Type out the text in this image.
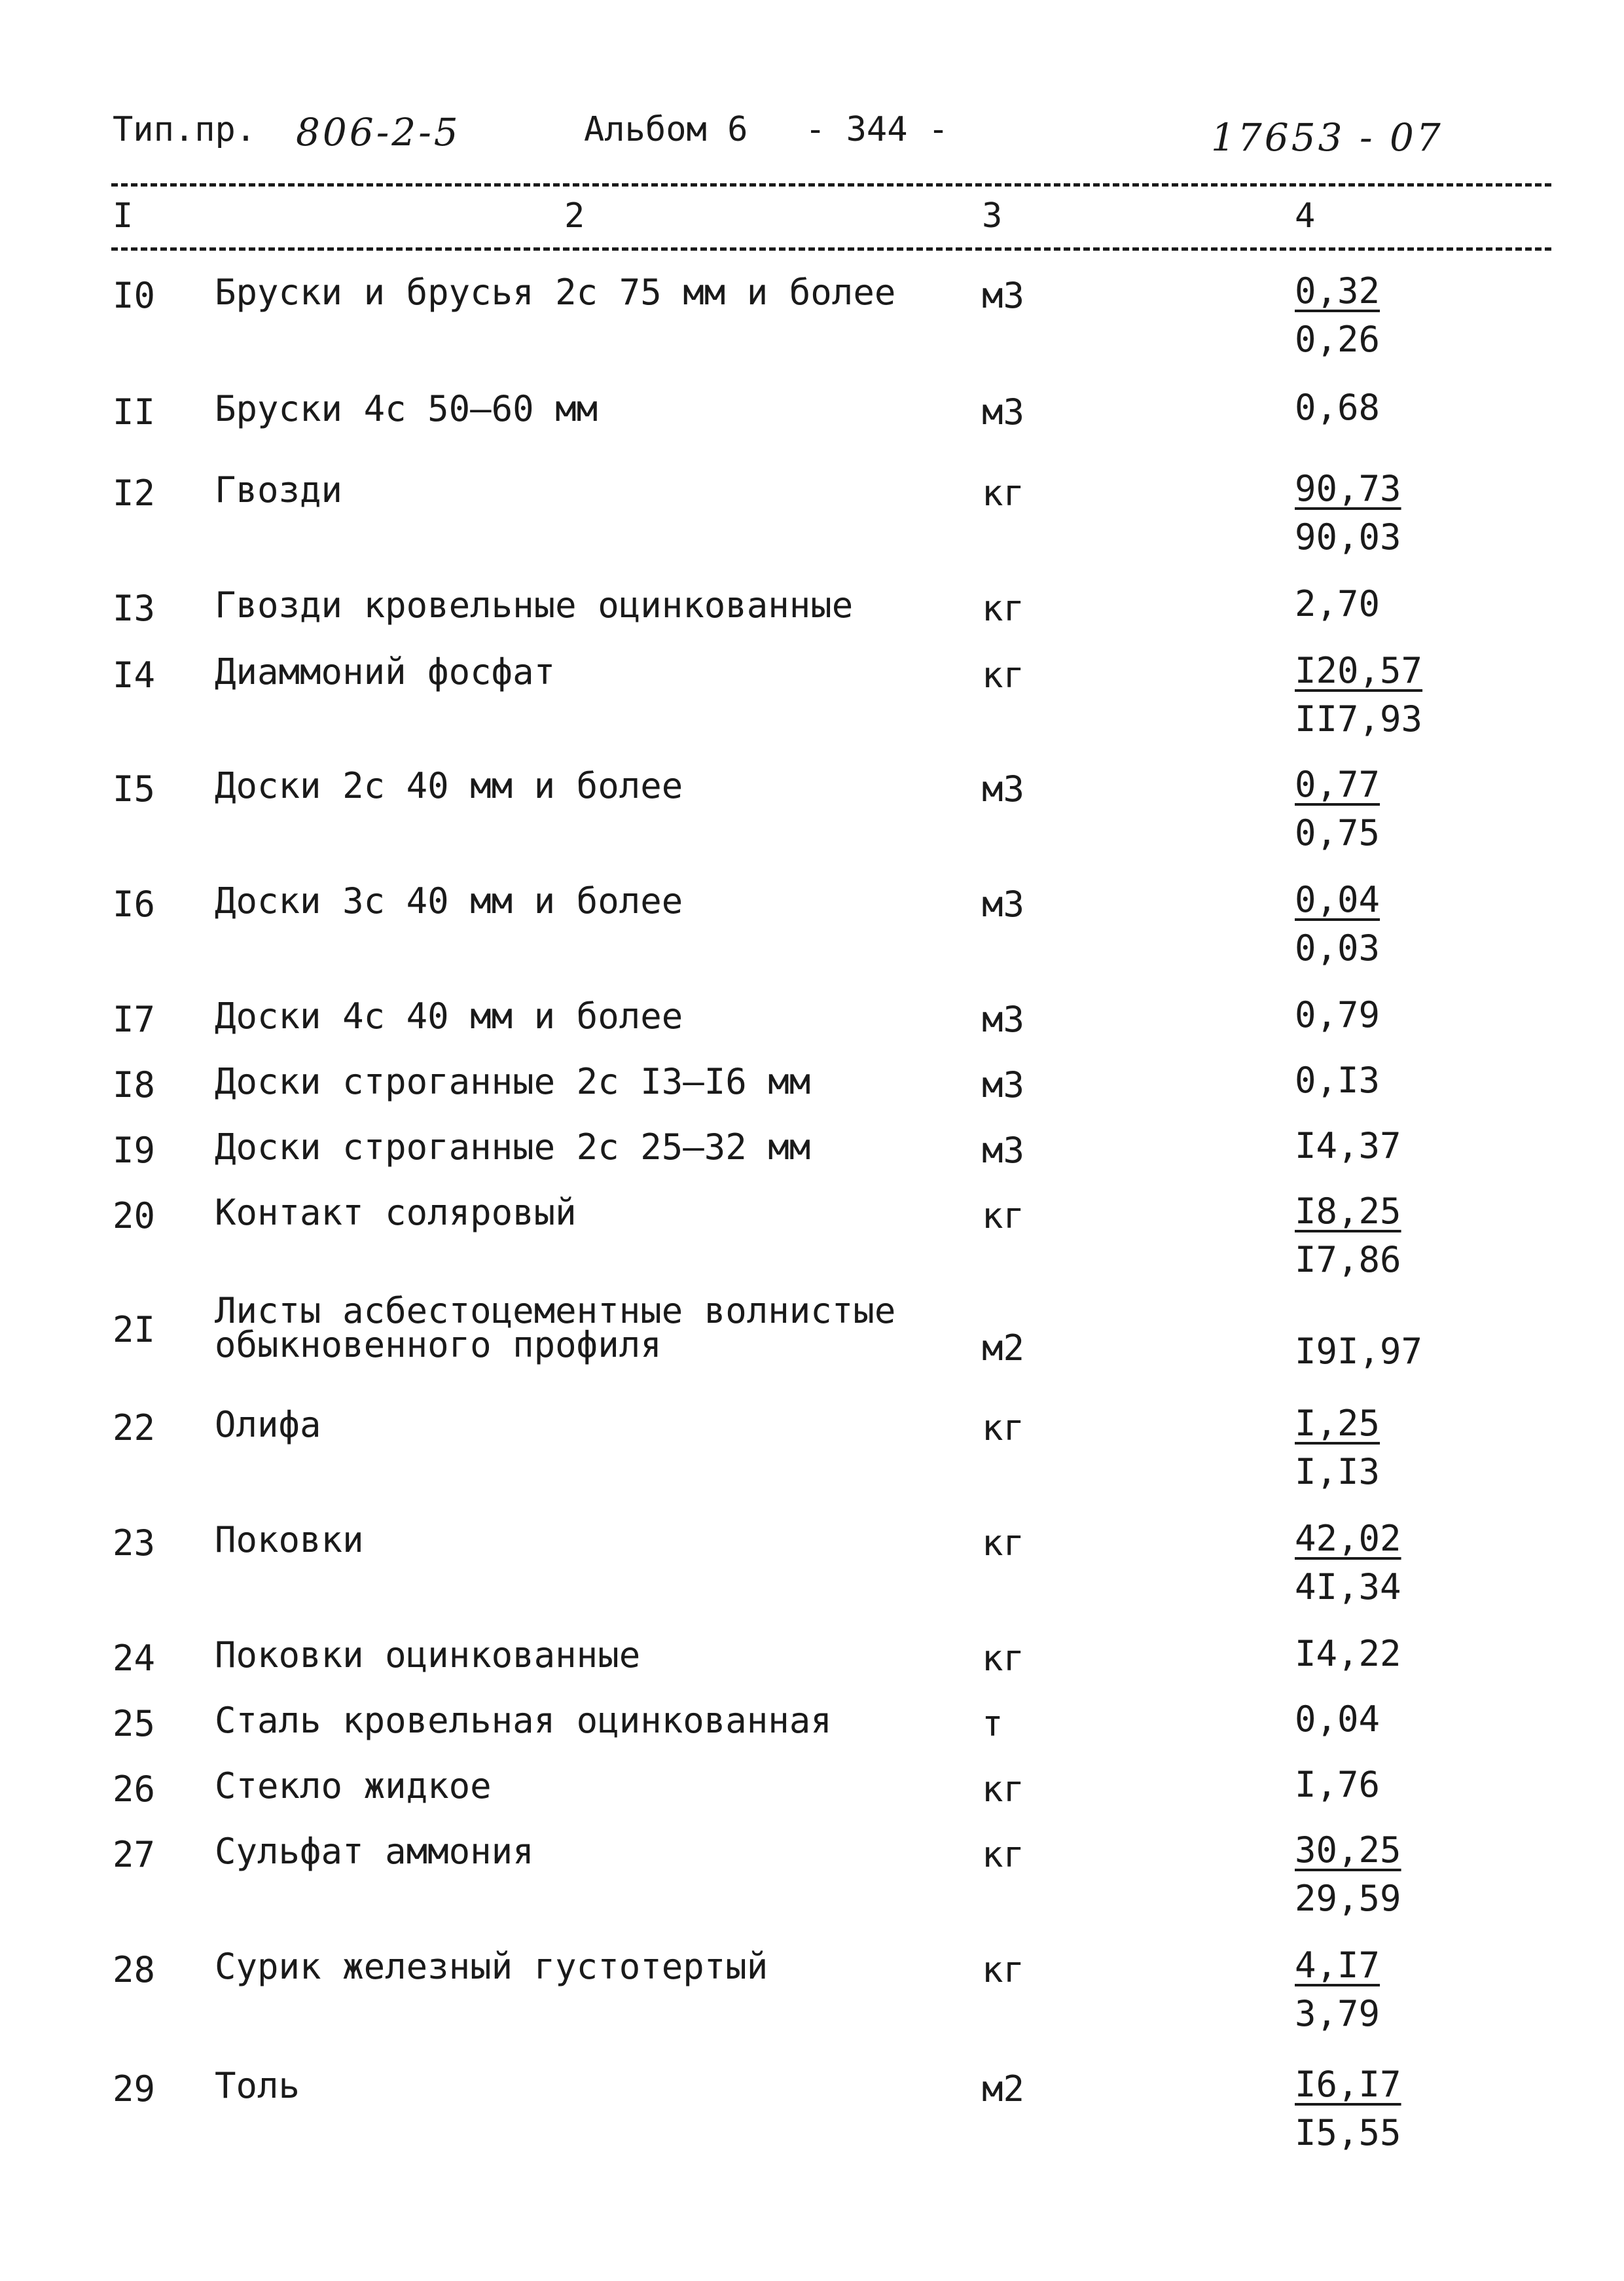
Тип.пр. 806-2-5	Альбом 6 - 344 -	17653 - 07
I	2	3	4
I0 Бруски и брусья 2с 75 мм и более м3	0,32
0,26
II Бруски 4с 50–60 мм	м3	0,68
I2 Гвозди	кг	90,73
90,03
I3 Гвозди кровельные оцинкованные	кг	2,70
I4 Диаммоний фосфат	кг	I20,57
II7,93
I5 Доски 2с 40 мм и более	м3	0,77
0,75
I6 Доски 3с 40 мм и более	м3	0,04
0,03
I7 Доски 4с 40 мм и более	м3	0,79
I8 Доски строганные 2с I3–I6 мм	м3	0,I3
I9 Доски строганные 2с 25–32 мм	м3	I4,37
20 Контакт соляровый	кг	I8,25
I7,86
2I Листы асбестоцементные волнистые
обыкновенного профиля	м2	I9I,97
22 Олифа	кг	I,25
I,I3
23 Поковки	кг	42,02
4I,34
24 Поковки оцинкованные	кг	I4,22
25 Сталь кровельная оцинкованная	т	0,04
26 Стекло жидкое	кг	I,76
27 Сульфат аммония	кг	30,25
29,59
28 Сурик железный густотертый	кг	4,I7
3,79
29 Толь	м2	I6,I7
I5,55
